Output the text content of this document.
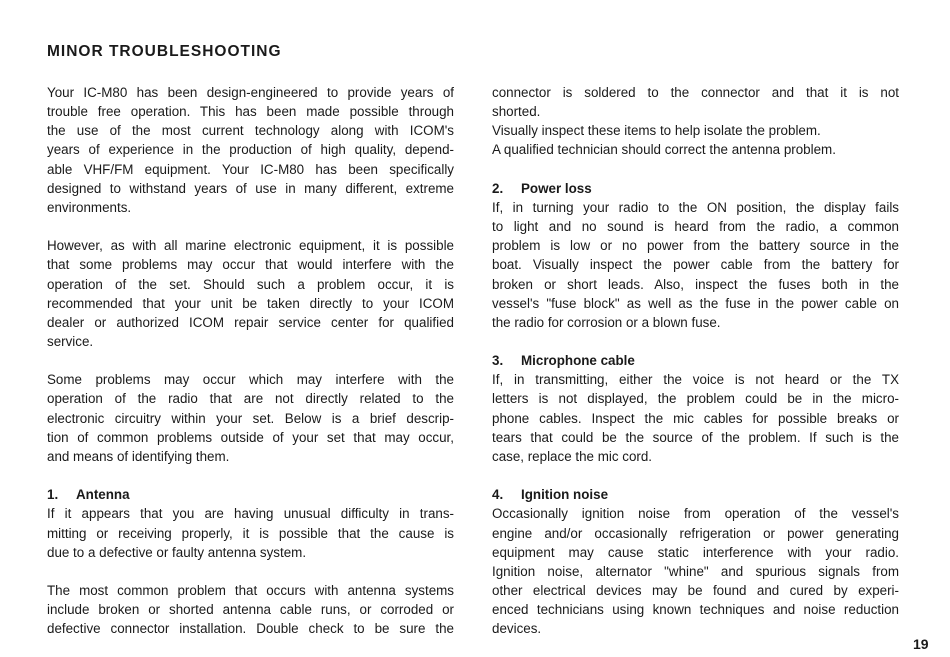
MINOR TROUBLESHOOTING

Your IC-M80 has been design-engineered to provide years of
trouble free operation. This has been made possible through
the use of the most current technology along with ICOM's
years of experience in the production of high quality, depend-
able VHF/FM equipment. Your IC-M80 has been specifically
designed to withstand years of use in many different, extreme
environments.

However, as with all marine electronic equipment, it is possible
that some problems may occur that would interfere with the
operation of the set. Should such a problem occur, it is
recommended that your unit be taken directly to your ICOM
dealer or authorized ICOM repair service center for qualified
service.

Some problems may occur which may interfere with the
operation of the radio that are not directly related to the
electronic circuitry within your set. Below is a brief descrip-
tion of common problems outside of your set that may occur,
and means of identifying them.

1. Antenna

If it appears that you are having unusual difficulty in trans-
mitting or receiving properly, it is possible that the cause is
due to a defective or faulty antenna system.

The most common problem that occurs with antenna systems
include broken or shorted antenna cable runs, or corroded or
defective connector installation. Double check to be sure the

connector is soldered to the connector and that it is not
shorted.

Visually inspect these items to help isolate the problem.

A qualified technician should correct the antenna problem.

2. Power loss

If, in turning your radio to the ON position, the display fails
to light and no sound is heard from the radio, a common
problem is low or no power from the battery source in the
boat. Visually inspect the power cable from the battery for
broken or short leads. Also, inspect the fuses both in the
vessel's "fuse block" as well as the fuse in the power cable on
the radio for corrosion or a blown fuse.

3. Microphone cable

If, in transmitting, either the voice is not heard or the TX
letters is not displayed, the problem could be in the micro-
phone cables. Inspect the mic cables for possible breaks or
tears that could be the source of the problem. If such is the
case, replace the mic cord.

4. Ignition noise

Occasionally ignition noise from operation of the vessel's
engine and/or occasionally refrigeration or power generating
equipment may cause static interference with your radio.
Ignition noise, alternator "whine" and spurious signals from
other electrical devices may be found and cured by experi-
enced technicians using known techniques and noise reduction
devices.

19
